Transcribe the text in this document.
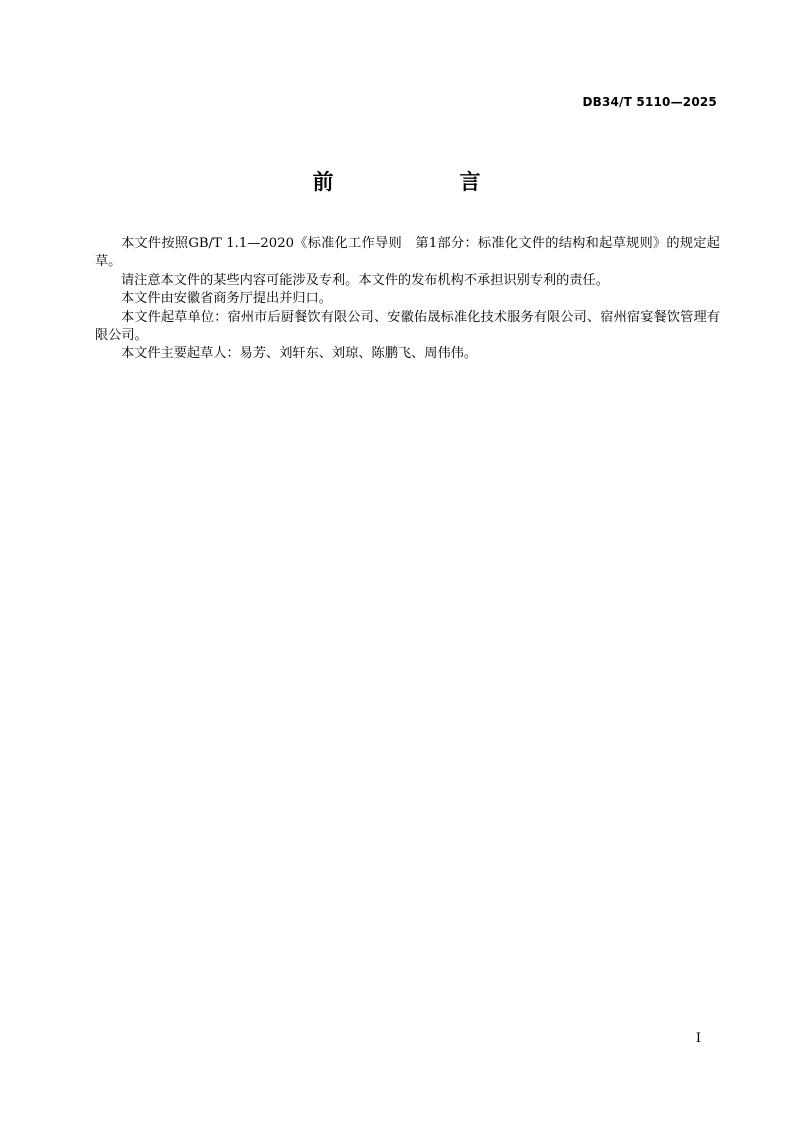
DB34/T 5110—2025
前　　言

本文件按照GB/T 1.1—2020《标准化工作导则　第1部分：标准化文件的结构和起草规则》的规定起草。

请注意本文件的某些内容可能涉及专利。本文件的发布机构不承担识别专利的责任。

本文件由安徽省商务厅提出并归口。

本文件起草单位：宿州市后厨餐饮有限公司、安徽佑晟标准化技术服务有限公司、宿州宿宴餐饮管理有限公司。

本文件主要起草人：易芳、刘轩东、刘琼、陈鹏飞、周伟伟。

I
